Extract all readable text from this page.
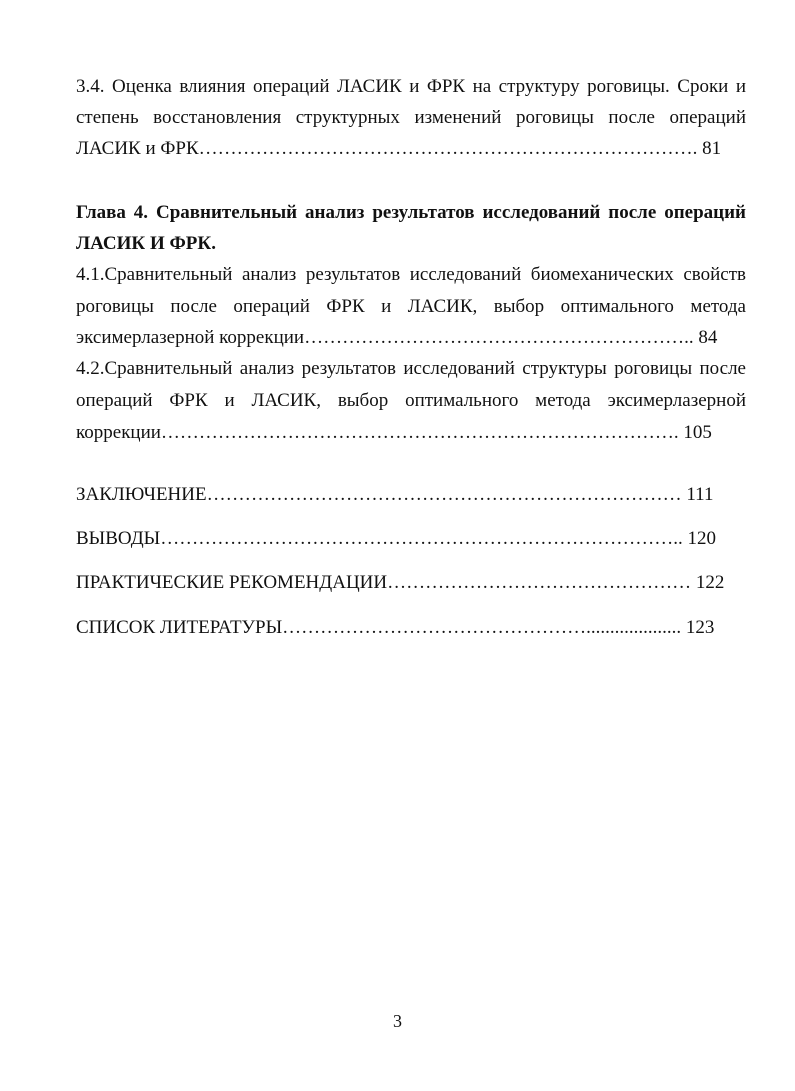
3.4. Оценка влияния операций ЛАСИК и ФРК на структуру роговицы. Сроки и
степень восстановления структурных изменений роговицы после операций
ЛАСИК и ФРК……………………………………………………………………. 81
Глава 4. Сравнительный анализ результатов исследований после операций
ЛАСИК И ФРК.
4.1.Сравнительный анализ результатов исследований биомеханических свойств
роговицы после операций ФРК и ЛАСИК, выбор оптимального метода
эксимерлазерной коррекции…………………………………………………….. 84
4.2.Сравнительный анализ результатов исследований структуры роговицы после
операций ФРК и ЛАСИК, выбор оптимального метода эксимерлазерной
коррекции………………………………………………………………………. 105
ЗАКЛЮЧЕНИЕ………………………………………………………………… 111
ВЫВОДЫ……………………………………………………………………….. 120
ПРАКТИЧЕСКИЕ РЕКОМЕНДАЦИИ………………………………………… 122
СПИСОК ЛИТЕРАТУРЫ………………………………………….................... 123
3
